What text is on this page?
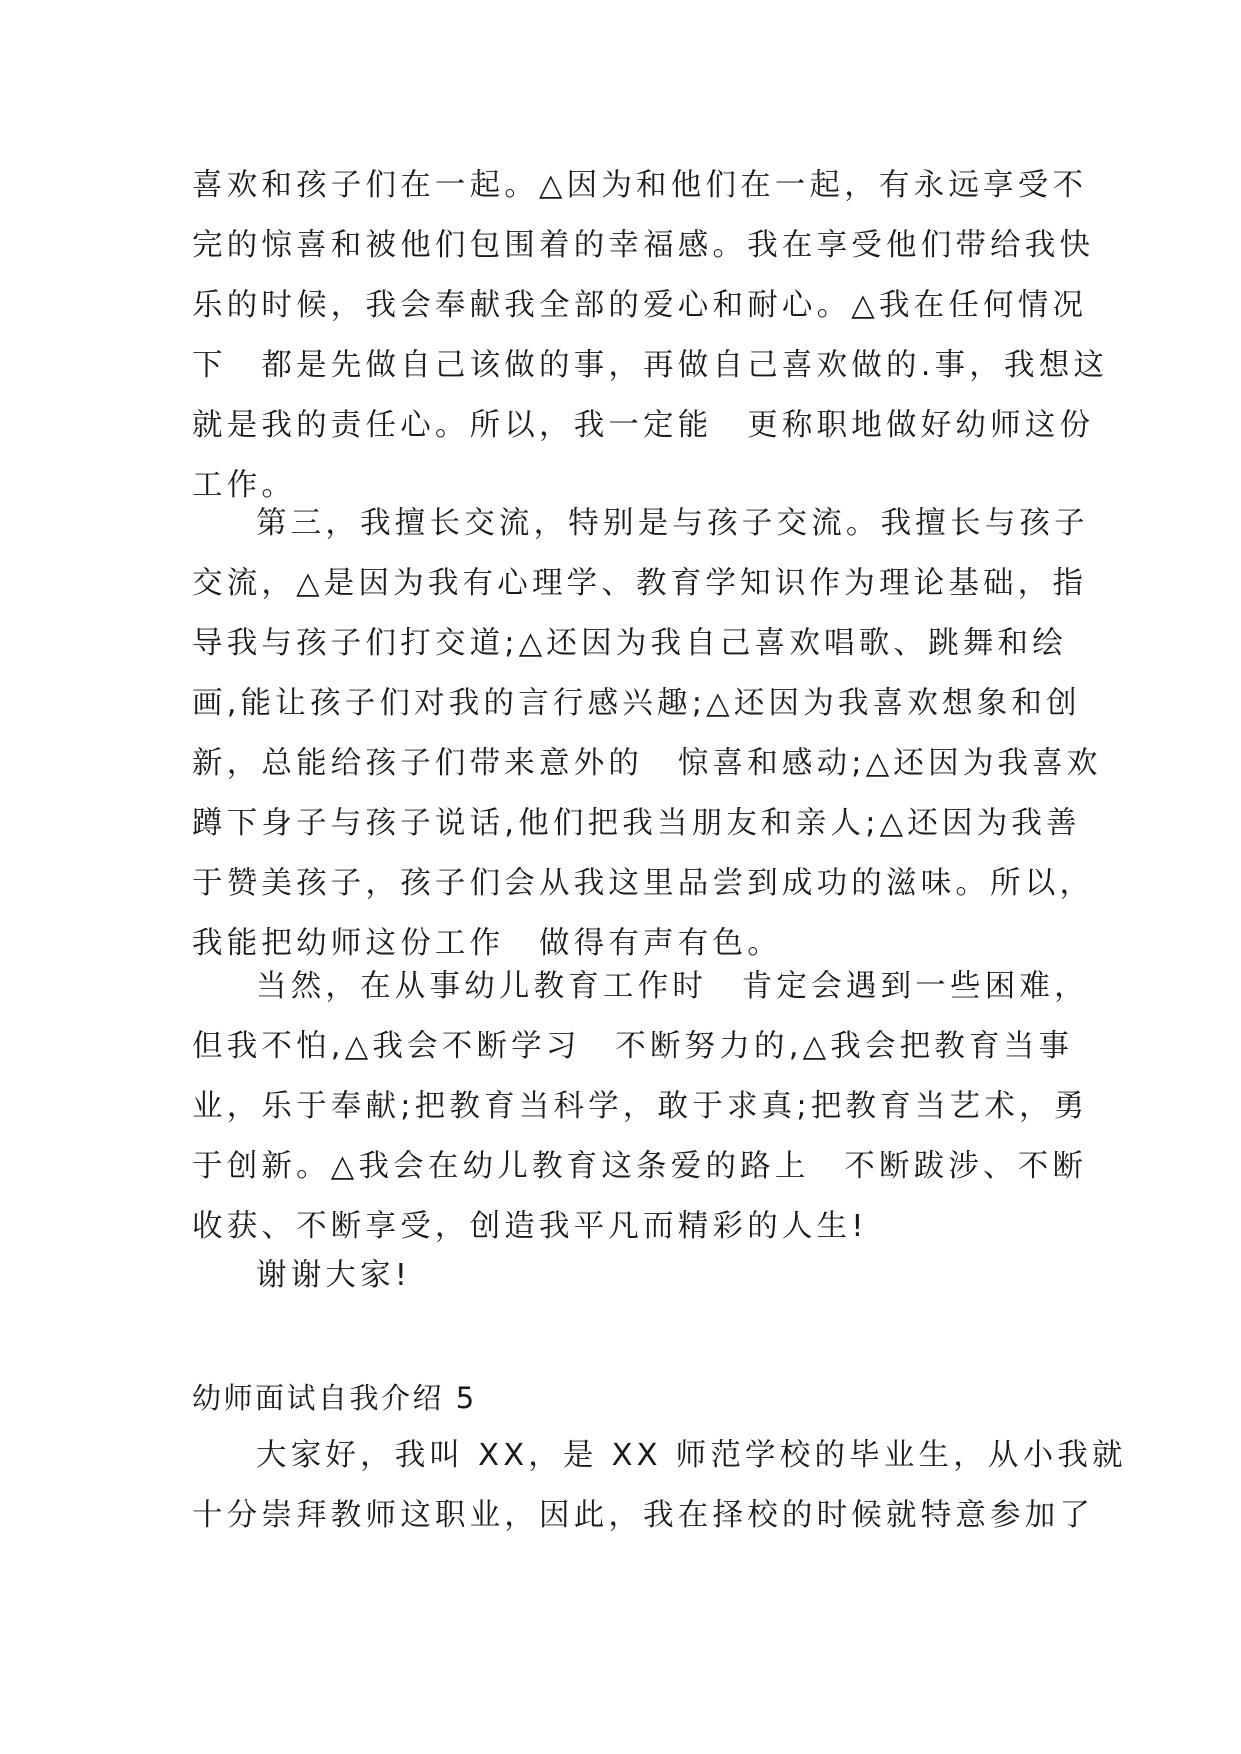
喜欢和孩子们在一起。△因为和他们在一起，有永远享受不
完的惊喜和被他们包围着的幸福感。我在享受他们带给我快
乐的时候，我会奉献我全部的爱心和耐心。△我在任何情况
下　都是先做自己该做的事，再做自己喜欢做的.事，我想这
就是我的责任心。所以，我一定能　更称职地做好幼师这份
工作。
第三，我擅长交流，特别是与孩子交流。我擅长与孩子
交流，△是因为我有心理学、教育学知识作为理论基础，指
导我与孩子们打交道;△还因为我自己喜欢唱歌、跳舞和绘
画,能让孩子们对我的言行感兴趣;△还因为我喜欢想象和创
新，总能给孩子们带来意外的　惊喜和感动;△还因为我喜欢
蹲下身子与孩子说话,他们把我当朋友和亲人;△还因为我善
于赞美孩子，孩子们会从我这里品尝到成功的滋味。所以，
我能把幼师这份工作　做得有声有色。
当然，在从事幼儿教育工作时　肯定会遇到一些困难，
但我不怕,△我会不断学习　不断努力的,△我会把教育当事
业，乐于奉献;把教育当科学，敢于求真;把教育当艺术，勇
于创新。△我会在幼儿教育这条爱的路上　不断跋涉、不断
收获、不断享受，创造我平凡而精彩的人生!
谢谢大家!
幼师面试自我介绍 5
大家好，我叫 XX，是 XX 师范学校的毕业生，从小我就
十分崇拜教师这职业，因此，我在择校的时候就特意参加了
